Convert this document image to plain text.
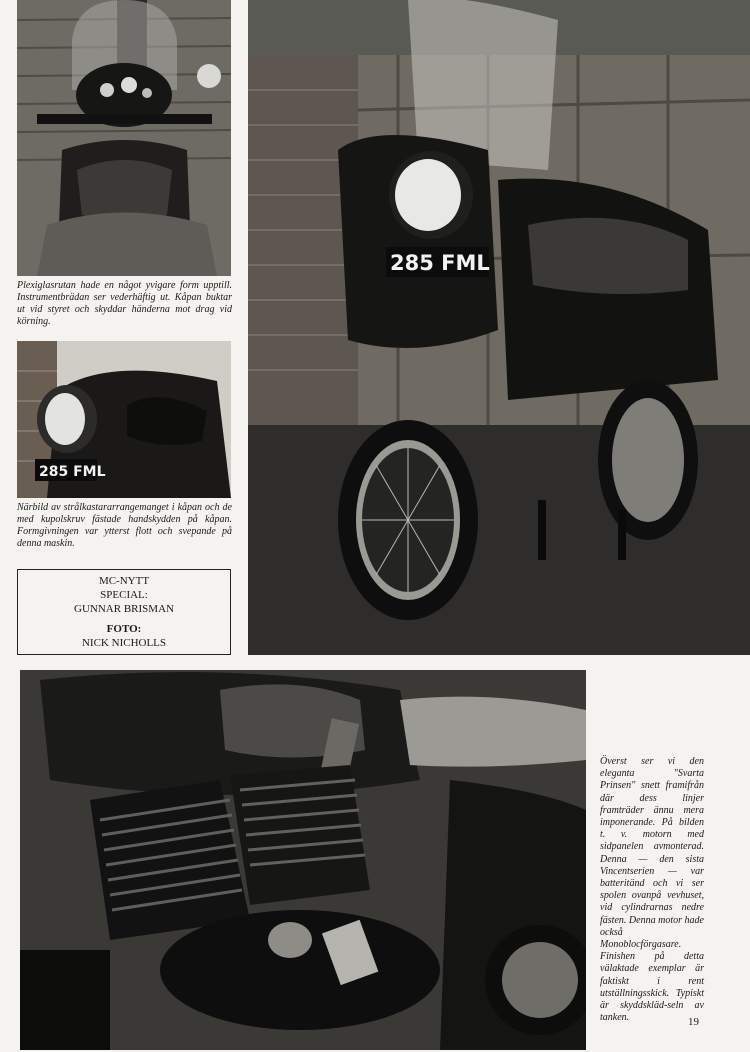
Plexiglasrutan hade en något yvigare form upptill. Instrumentbrädan ser vederhäftig ut. Kåpan buktar ut vid styret och skyddar händerna mot drag vid körning.

285 FML

Närbild av strålkastararrangemanget i kåpan och de med kupolskruv fästade handskydden på kåpan. Formgivningen var ytterst flott och svepande på denna maskin.

MC-NYTT
SPECIAL:
GUNNAR BRISMAN
FOTO:
NICK NICHOLLS
285 FML

Överst ser vi den eleganta "Svarta Prinsen" snett framifrån där dess linjer framträder ännu mera imponerande. På bilden t. v. motorn med sidpanelen avmonterad. Denna — den sista Vincentserien — var batteritänd och vi ser spolen ovanpå vevhuset, vid cylindrarnas nedre fästen. Denna motor hade också Monoblocförgasare. Finishen på detta välaktade exemplar är faktiskt i rent utställningsskick. Typiskt är skyddskläd-seln av tanken.	19
